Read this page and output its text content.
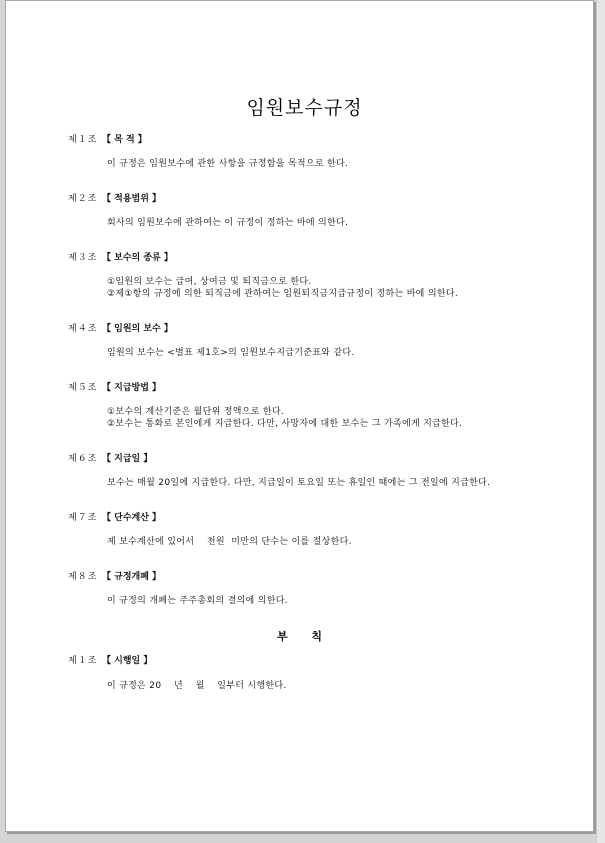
임원보수규정
제１조 【 목 적 】
이 규정은 임원보수에 관한 사항을 규정함을 목적으로 한다.
제２조 【 적용범위 】
회사의 임원보수에 관하여는 이 규정이 정하는 바에 의한다.
제３조 【 보수의 종류 】
①임원의 보수는 급여, 상여금 및 퇴직금으로 한다.
②제①항의 규정에 의한 퇴직금에 관하여는 임원퇴직금지급규정이 정하는 바에 의한다.
제４조 【 임원의 보수 】
임원의 보수는 <별표 제1호>의 임원보수지급기준표와 같다.
제５조 【 지급방법 】
①보수의 계산기준은 월단위 정액으로 한다.
②보수는 통화로 본인에게 지급한다. 다만, 사망자에 대한 보수는 그 가족에게 지급한다.
제６조 【 지급일 】
보수는 매월 20일에 지급한다. 다만, 지급일이 토요일 또는 휴일인 때에는 그 전일에 지급한다.
제７조 【 단수계산 】
제 보수계산에 있어서    천원  미만의 단수는 이를 절상한다.
제８조 【 규정개폐 】
이 규정의 개폐는 주주총회의 결의에 의한다.
부 칙
제１조 【 시행일 】
이 규정은 20    년    월    일부터 시행한다.
